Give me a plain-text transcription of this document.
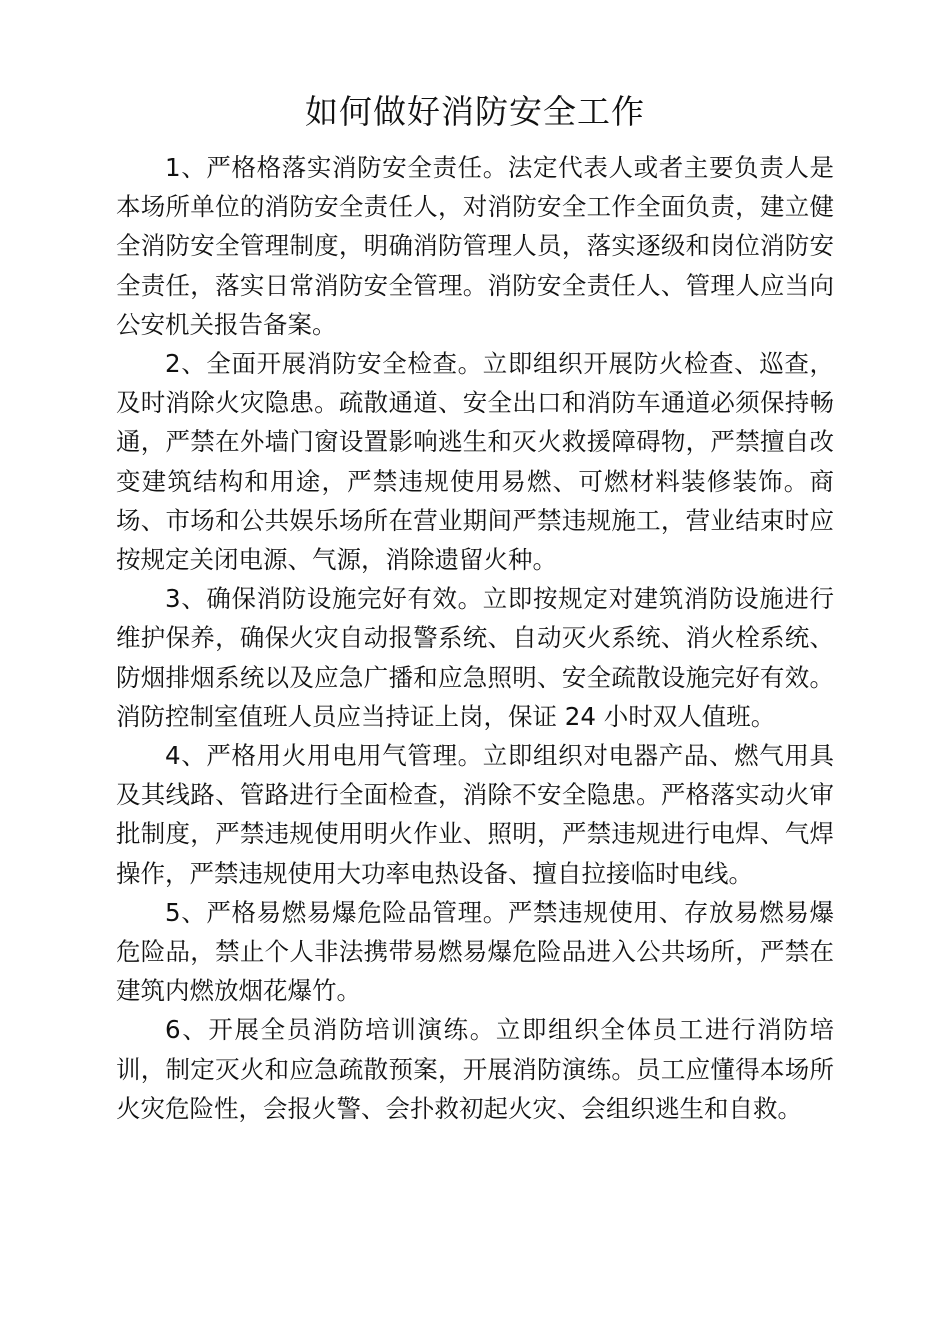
如何做好消防安全工作

1、严格格落实消防安全责任。法定代表人或者主要负责人是本场所单位的消防安全责任人，对消防安全工作全面负责，建立健全消防安全管理制度，明确消防管理人员，落实逐级和岗位消防安全责任，落实日常消防安全管理。消防安全责任人、管理人应当向公安机关报告备案。

2、全面开展消防安全检查。立即组织开展防火检查、巡查，及时消除火灾隐患。疏散通道、安全出口和消防车通道必须保持畅通，严禁在外墙门窗设置影响逃生和灭火救援障碍物，严禁擅自改变建筑结构和用途，严禁违规使用易燃、可燃材料装修装饰。商场、市场和公共娱乐场所在营业期间严禁违规施工，营业结束时应按规定关闭电源、气源，消除遗留火种。

3、确保消防设施完好有效。立即按规定对建筑消防设施进行维护保养，确保火灾自动报警系统、自动灭火系统、消火栓系统、防烟排烟系统以及应急广播和应急照明、安全疏散设施完好有效。消防控制室值班人员应当持证上岗，保证 24 小时双人值班。

4、严格用火用电用气管理。立即组织对电器产品、燃气用具及其线路、管路进行全面检查，消除不安全隐患。严格落实动火审批制度，严禁违规使用明火作业、照明，严禁违规进行电焊、气焊操作，严禁违规使用大功率电热设备、擅自拉接临时电线。

5、严格易燃易爆危险品管理。严禁违规使用、存放易燃易爆危险品，禁止个人非法携带易燃易爆危险品进入公共场所，严禁在建筑内燃放烟花爆竹。

6、开展全员消防培训演练。立即组织全体员工进行消防培训，制定灭火和应急疏散预案，开展消防演练。员工应懂得本场所火灾危险性，会报火警、会扑救初起火灾、会组织逃生和自救。
